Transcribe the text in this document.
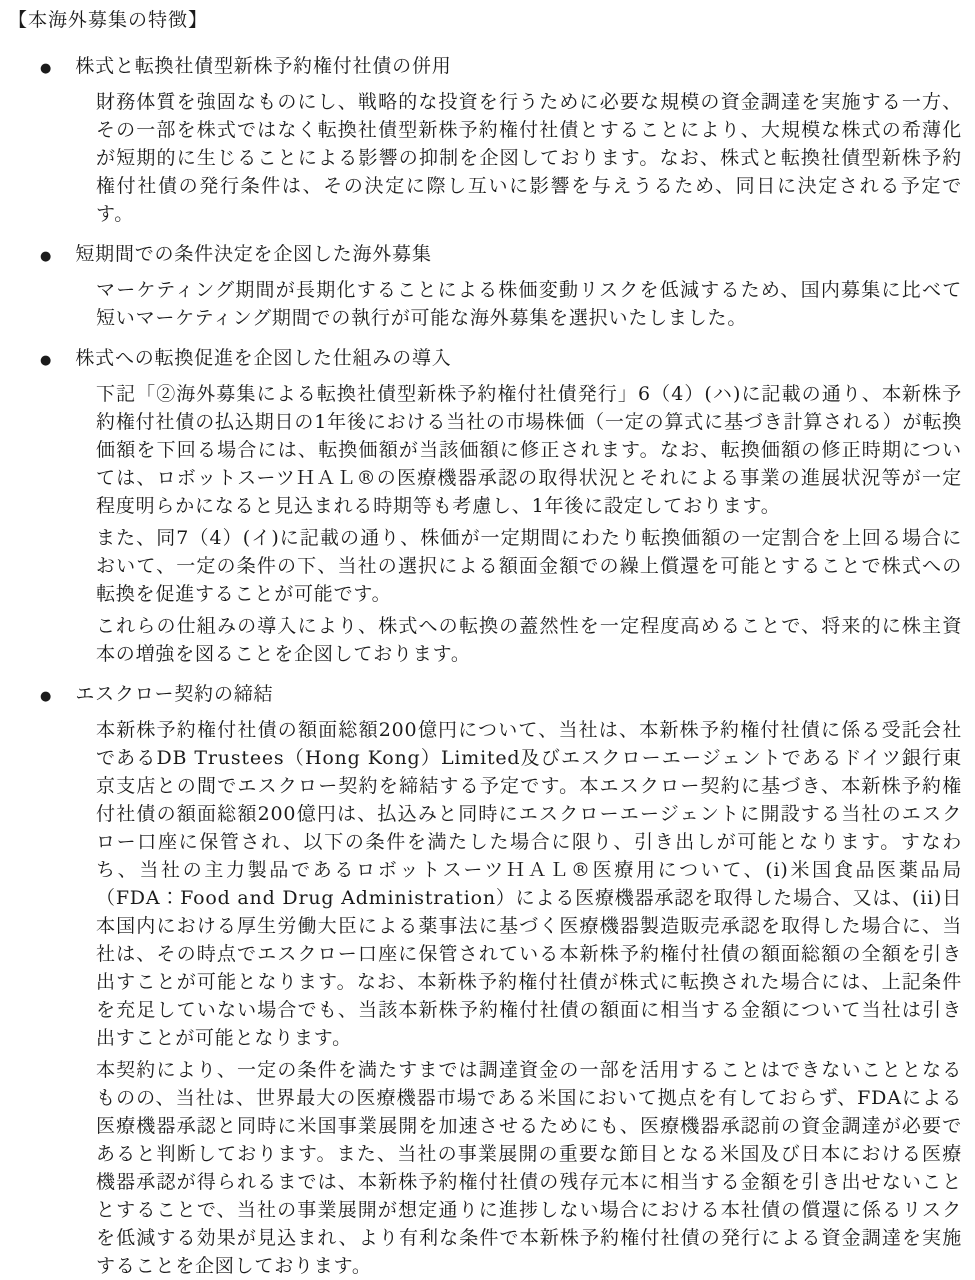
【本海外募集の特徴】
● 株式と転換社債型新株予約権付社債の併用

財務体質を強固なものにし、戦略的な投資を行うために必要な規模の資金調達を実施する一方、その一部を株式ではなく転換社債型新株予約権付社債とすることにより、大規模な株式の希薄化が短期的に生じることによる影響の抑制を企図しております。なお、株式と転換社債型新株予約権付社債の発行条件は、その決定に際し互いに影響を与えうるため、同日に決定される予定です。

● 短期間での条件決定を企図した海外募集

マーケティング期間が長期化することによる株価変動リスクを低減するため、国内募集に比べて短いマーケティング期間での執行が可能な海外募集を選択いたしました。

● 株式への転換促進を企図した仕組みの導入

下記「②海外募集による転換社債型新株予約権付社債発行」6（4）(ハ)に記載の通り、本新株予約権付社債の払込期日の1年後における当社の市場株価（一定の算式に基づき計算される）が転換価額を下回る場合には、転換価額が当該価額に修正されます。なお、転換価額の修正時期については、ロボットスーツＨＡＬ®の医療機器承認の取得状況とそれによる事業の進展状況等が一定程度明らかになると見込まれる時期等も考慮し、1年後に設定しております。

また、同7（4）(イ)に記載の通り、株価が一定期間にわたり転換価額の一定割合を上回る場合において、一定の条件の下、当社の選択による額面金額での繰上償還を可能とすることで株式への転換を促進することが可能です。

これらの仕組みの導入により、株式への転換の蓋然性を一定程度高めることで、将来的に株主資本の増強を図ることを企図しております。

● エスクロー契約の締結

本新株予約権付社債の額面総額200億円について、当社は、本新株予約権付社債に係る受託会社であるDB Trustees（Hong Kong）Limited及びエスクローエージェントであるドイツ銀行東京支店との間でエスクロー契約を締結する予定です。本エスクロー契約に基づき、本新株予約権付社債の額面総額200億円は、払込みと同時にエスクローエージェントに開設する当社のエスクロー口座に保管され、以下の条件を満たした場合に限り、引き出しが可能となります。すなわち、当社の主力製品であるロボットスーツＨＡＬ®医療用について、(i)米国食品医薬品局（FDA：Food and Drug Administration）による医療機器承認を取得した場合、又は、(ii)日本国内における厚生労働大臣による薬事法に基づく医療機器製造販売承認を取得した場合に、当社は、その時点でエスクロー口座に保管されている本新株予約権付社債の額面総額の全額を引き出すことが可能となります。なお、本新株予約権付社債が株式に転換された場合には、上記条件を充足していない場合でも、当該本新株予約権付社債の額面に相当する金額について当社は引き出すことが可能となります。

本契約により、一定の条件を満たすまでは調達資金の一部を活用することはできないこととなるものの、当社は、世界最大の医療機器市場である米国において拠点を有しておらず、FDAによる医療機器承認と同時に米国事業展開を加速させるためにも、医療機器承認前の資金調達が必要であると判断しております。また、当社の事業展開の重要な節目となる米国及び日本における医療機器承認が得られるまでは、本新株予約権付社債の残存元本に相当する金額を引き出せないこととすることで、当社の事業展開が想定通りに進捗しない場合における本社債の償還に係るリスクを低減する効果が見込まれ、より有利な条件で本新株予約権付社債の発行による資金調達を実施することを企図しております。
